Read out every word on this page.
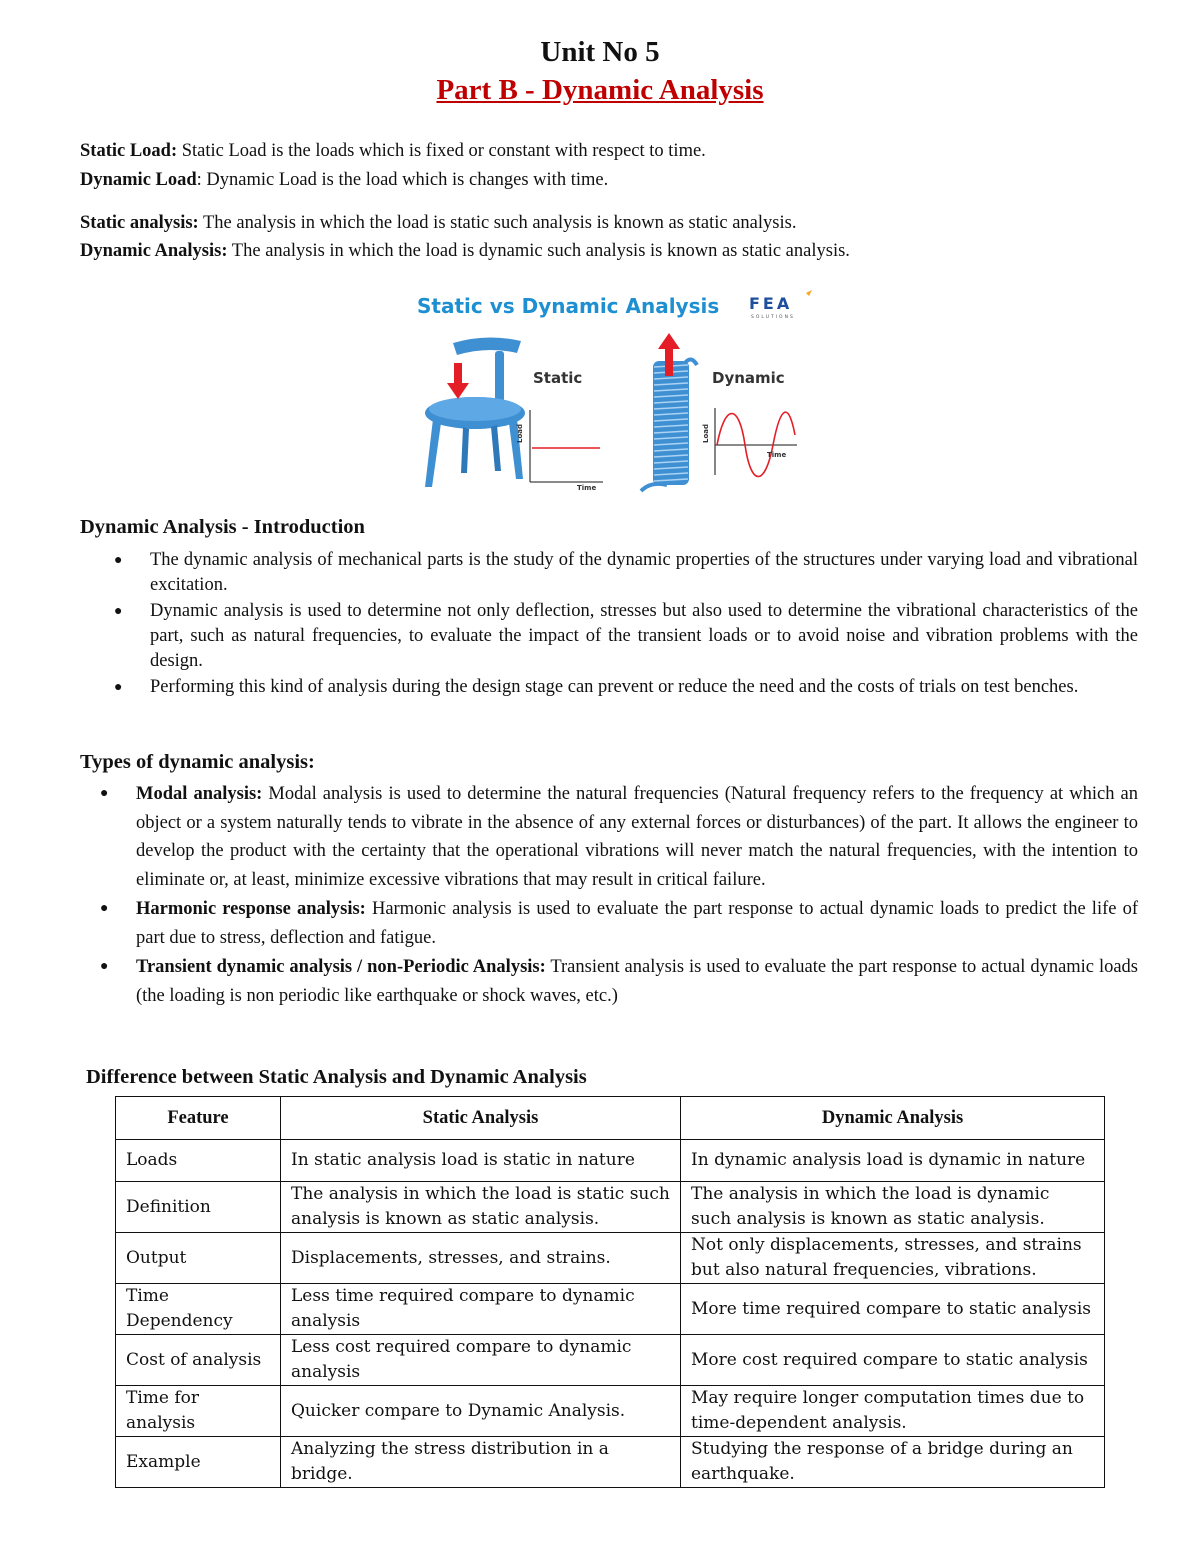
Unit No 5
Part B - Dynamic Analysis
Static Load: Static Load is the loads which is fixed or constant with respect to time.
Dynamic Load: Dynamic Load is the load which is changes with time.
Static analysis: The analysis in which the load is static such analysis is known as static analysis.
Dynamic Analysis: The analysis in which the load is dynamic such analysis is known as static analysis.
Static vs Dynamic Analysis FEA
SOLUTIONS
Static
Load
Time
Dynamic
Load
Time
Dynamic Analysis - Introduction
● The dynamic analysis of mechanical parts is the study of the dynamic properties of the structures under varying load and vibrational excitation.
● Dynamic analysis is used to determine not only deflection, stresses but also used to determine the vibrational characteristics of the part, such as natural frequencies, to evaluate the impact of the transient loads or to avoid noise and vibration problems with the design.
● Performing this kind of analysis during the design stage can prevent or reduce the need and the costs of trials on test benches.
Types of dynamic analysis:
● Modal analysis: Modal analysis is used to determine the natural frequencies (Natural frequency refers to the frequency at which an object or a system naturally tends to vibrate in the absence of any external forces or disturbances) of the part. It allows the engineer to develop the product with the certainty that the operational vibrations will never match the natural frequencies, with the intention to eliminate or, at least, minimize excessive vibrations that may result in critical failure.
● Harmonic response analysis: Harmonic analysis is used to evaluate the part response to actual dynamic loads to predict the life of part due to stress, deflection and fatigue.
● Transient dynamic analysis / non-Periodic Analysis: Transient analysis is used to evaluate the part response to actual dynamic loads (the loading is non periodic like earthquake or shock waves, etc.)
Difference between Static Analysis and Dynamic Analysis
Feature	Static Analysis	Dynamic Analysis
Loads	In static analysis load is static in nature	In dynamic analysis load is dynamic in nature
Definition	The analysis in which the load is static such analysis is known as static analysis.	The analysis in which the load is dynamic such analysis is known as static analysis.
Output	Displacements, stresses, and strains.	Not only displacements, stresses, and strains but also natural frequencies, vibrations.
Time Dependency	Less time required compare to dynamic analysis	More time required compare to static analysis
Cost of analysis	Less cost required compare to dynamic analysis	More cost required compare to static analysis
Time for analysis	Quicker compare to Dynamic Analysis.	May require longer computation times due to time-dependent analysis.
Example	Analyzing the stress distribution in a bridge.	Studying the response of a bridge during an earthquake.
